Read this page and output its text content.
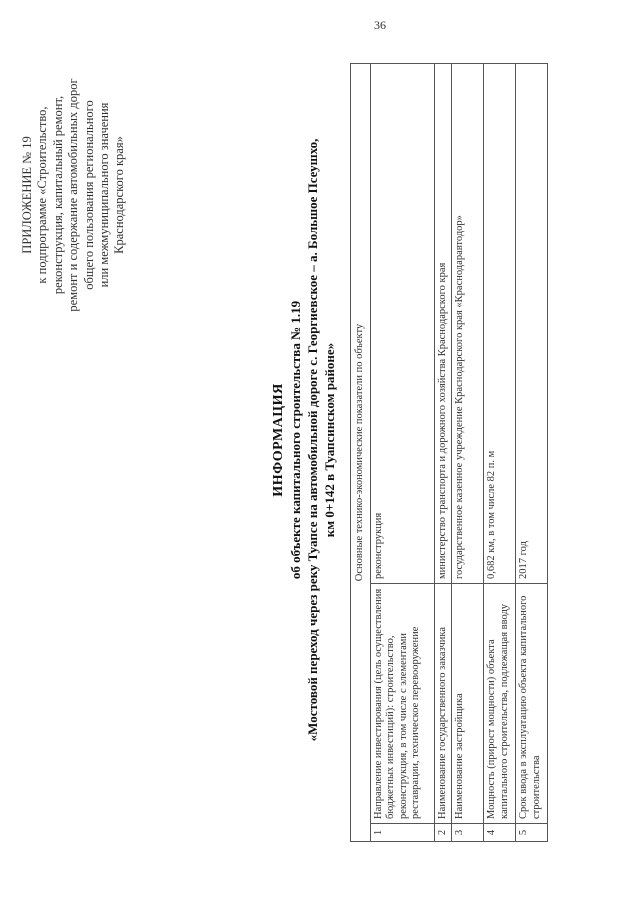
36
ПРИЛОЖЕНИЕ № 19 к подпрограмме «Строительство, реконструкция, капитальный ремонт, ремонт и содержание автомобильных дорог общего пользования регионального или межмуниципального значения Краснодарского края»
ИНФОРМАЦИЯ об объекте капитального строительства № 1.19 «Мостовой переход через реку Туапсе на автомобильной дороге с. Георгиевское – а. Большое Псеушхо, км 0+142 в Туапсинском районе» Основные технико-экономические показатели по объекту		
1	Направление инвестирования (цель осуществления бюджетных инвестиций): строительство, реконструкция, в том числе с элементами реставрации, техническое перевооружение	реконструкция
2	Наименование государственного заказчика	министерство транспорта и дорожного хозяйства Краснодарского края
3	Наименование застройщика	государственное казенное учреждение Краснодарского края «Краснодаравтодор»
4	Мощность (прирост мощности) объекта капитального строительства, подлежащая вводу	0,682 км, в том числе 82 п. м
5	Срок ввода в эксплуатацию объекта капитального строительства	2017 год
